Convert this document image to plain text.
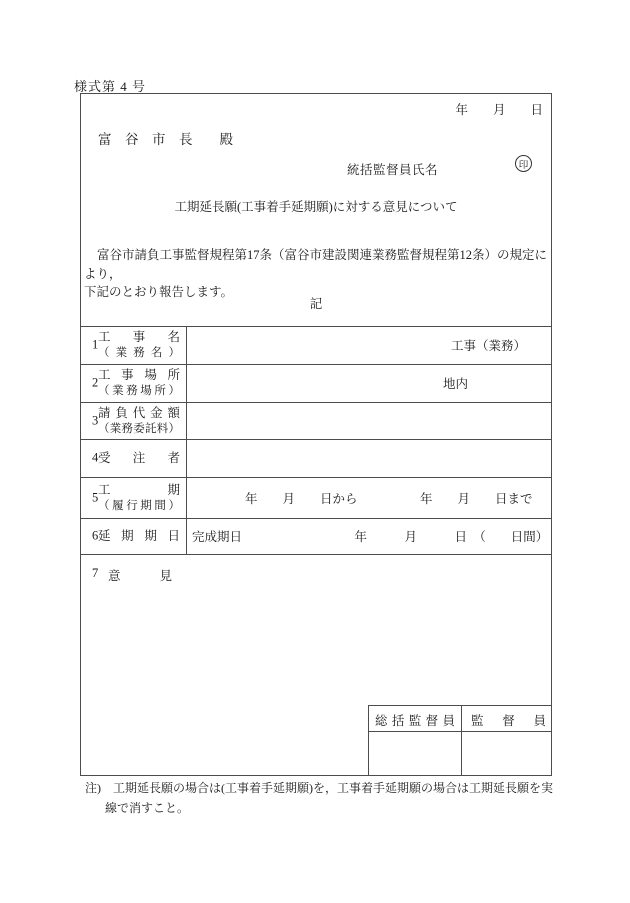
様式第 4 号
年　　月　　日
富　谷　市　長　　殿
統括監督員氏名	印
工期延長願(工事着手延期願)に対する意見について
富谷市請負工事監督規程第17条（富谷市建設関連業務監督規程第12条）の規定により，
下記のとおり報告します。
記
1
工事名
（業務名）	工事（業務）
2
工事場所
（業務場所）	地内
3
請負代金額
（業務委託料）
4 受注者
5
工期
（履行期間）	年　　月　　日から　　　　　年　　月　　日まで
6 延期期日 完成期日　　　　　　　　　年　　　月　　　日　（　　日間）
7 意見
総括監督員 監督員
注) 工期延長願の場合は(工事着手延期願)を，工事着手延期願の場合は工期延長願を実
線で消すこと。
